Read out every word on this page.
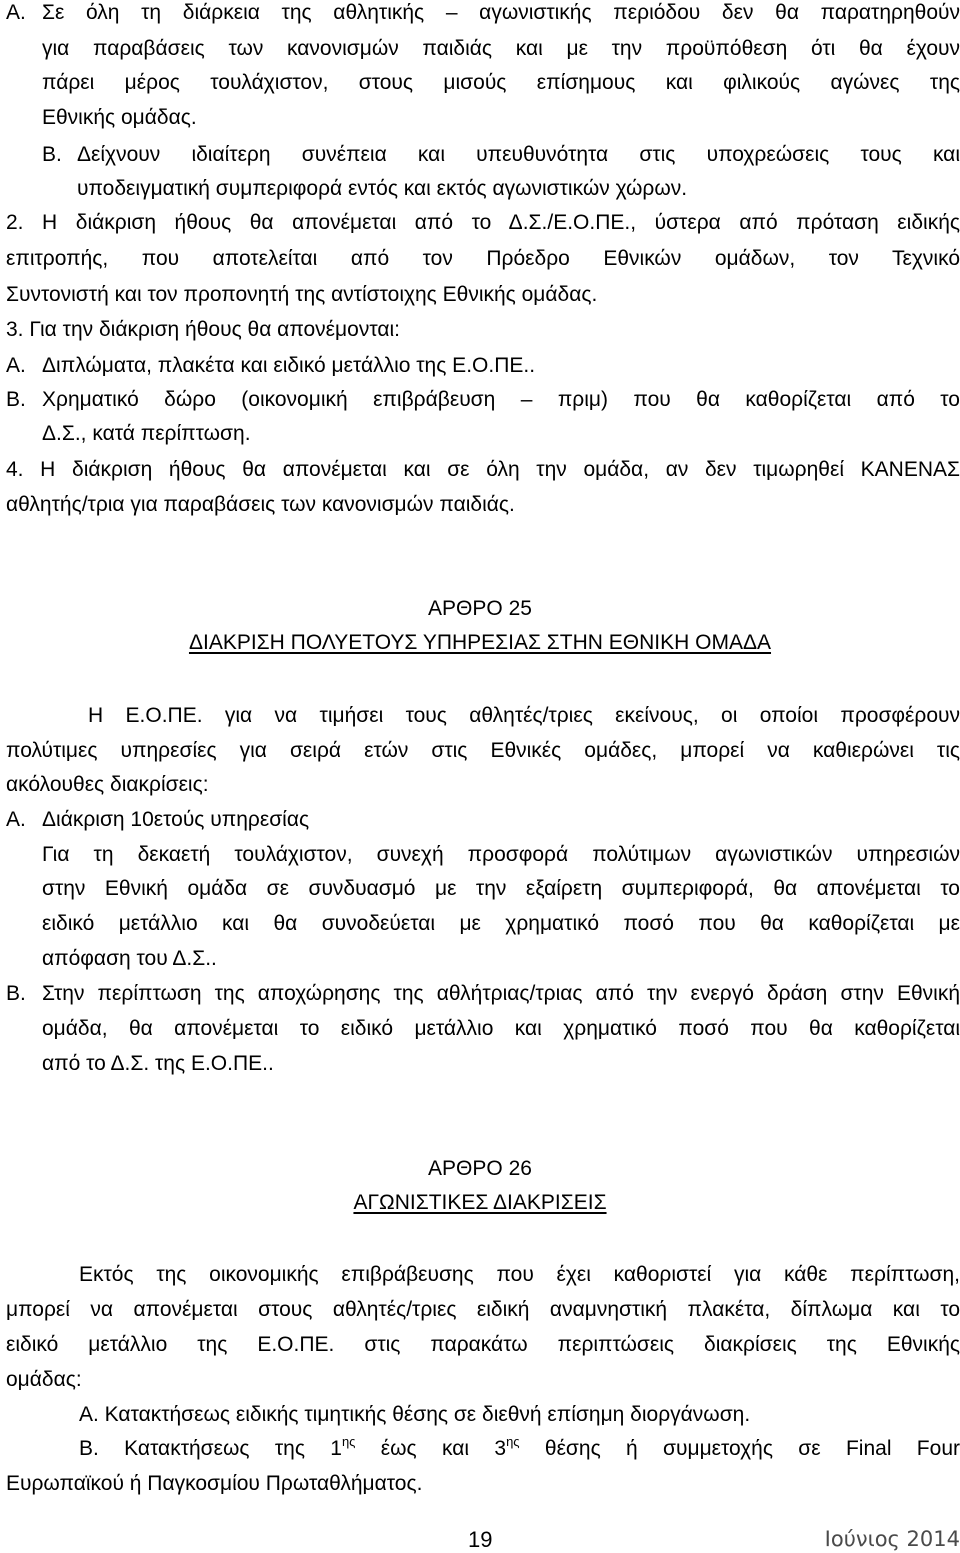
Α. Σε όλη τη διάρκεια της αθλητικής – αγωνιστικής περιόδου δεν θα παρατηρηθούν
για παραβάσεις των κανονισμών παιδιάς και με την προϋπόθεση ότι θα έχουν
πάρει μέρος τουλάχιστον, στους μισούς επίσημους και φιλικούς αγώνες της
Εθνικής ομάδας.
Β. Δείχνουν ιδιαίτερη συνέπεια και υπευθυνότητα στις υποχρεώσεις τους και
υποδειγματική συμπεριφορά εντός και εκτός αγωνιστικών χώρων.
2. Η διάκριση ήθους θα απονέμεται από το Δ.Σ./Ε.Ο.ΠΕ., ύστερα από πρόταση ειδικής
επιτροπής, που αποτελείται από τον Πρόεδρο Εθνικών ομάδων, τον Τεχνικό
Συντονιστή και τον προπονητή της αντίστοιχης Εθνικής ομάδας.
3. Για την διάκριση ήθους θα απονέμονται:
Α. Διπλώματα, πλακέτα και ειδικό μετάλλιο της Ε.Ο.ΠΕ..
Β. Χρηματικό δώρο (οικονομική επιβράβευση – πριμ) που θα καθορίζεται από το
Δ.Σ., κατά περίπτωση.
4. Η διάκριση ήθους θα απονέμεται και σε όλη την ομάδα, αν δεν τιμωρηθεί ΚΑΝΕΝΑΣ
αθλητής/τρια για παραβάσεις των κανονισμών παιδιάς.
ΑΡΘΡΟ 25
ΔΙΑΚΡΙΣΗ ΠΟΛΥΕΤΟΥΣ ΥΠΗΡΕΣΙΑΣ ΣΤΗΝ ΕΘΝΙΚΗ ΟΜΑΔΑ
Η Ε.Ο.ΠΕ. για να τιμήσει τους αθλητές/τριες εκείνους, οι οποίοι προσφέρουν
πολύτιμες υπηρεσίες για σειρά ετών στις Εθνικές ομάδες, μπορεί να καθιερώνει τις
ακόλουθες διακρίσεις:
Α. Διάκριση 10ετούς υπηρεσίας
Για τη δεκαετή τουλάχιστον, συνεχή προσφορά πολύτιμων αγωνιστικών υπηρεσιών
στην Εθνική ομάδα σε συνδυασμό με την εξαίρετη συμπεριφορά, θα απονέμεται το
ειδικό μετάλλιο και θα συνοδεύεται με χρηματικό ποσό που θα καθορίζεται με
απόφαση του Δ.Σ..
Β. Στην περίπτωση της αποχώρησης της αθλήτριας/τριας από την ενεργό δράση στην Εθνική
ομάδα, θα απονέμεται το ειδικό μετάλλιο και χρηματικό ποσό που θα καθορίζεται
από το Δ.Σ. της Ε.Ο.ΠΕ..
ΑΡΘΡΟ 26
ΑΓΩΝΙΣΤΙΚΕΣ ΔΙΑΚΡΙΣΕΙΣ
Εκτός της οικονομικής επιβράβευσης που έχει καθοριστεί για κάθε περίπτωση,
μπορεί να απονέμεται στους αθλητές/τριες ειδική αναμνηστική πλακέτα, δίπλωμα και το
ειδικό μετάλλιο της Ε.Ο.ΠΕ. στις παρακάτω περιπτώσεις διακρίσεις της Εθνικής
ομάδας:
Α. Κατακτήσεως ειδικής τιμητικής θέσης σε διεθνή επίσημη διοργάνωση.
Β. Κατακτήσεως της $1^{\eta\varsigma}$ έως και $3^{\eta\varsigma}$ θέσης ή συμμετοχής σε Final Four
Ευρωπαϊκού ή Παγκοσμίου Πρωταθλήματος.
19	Ιούνιος 2014
